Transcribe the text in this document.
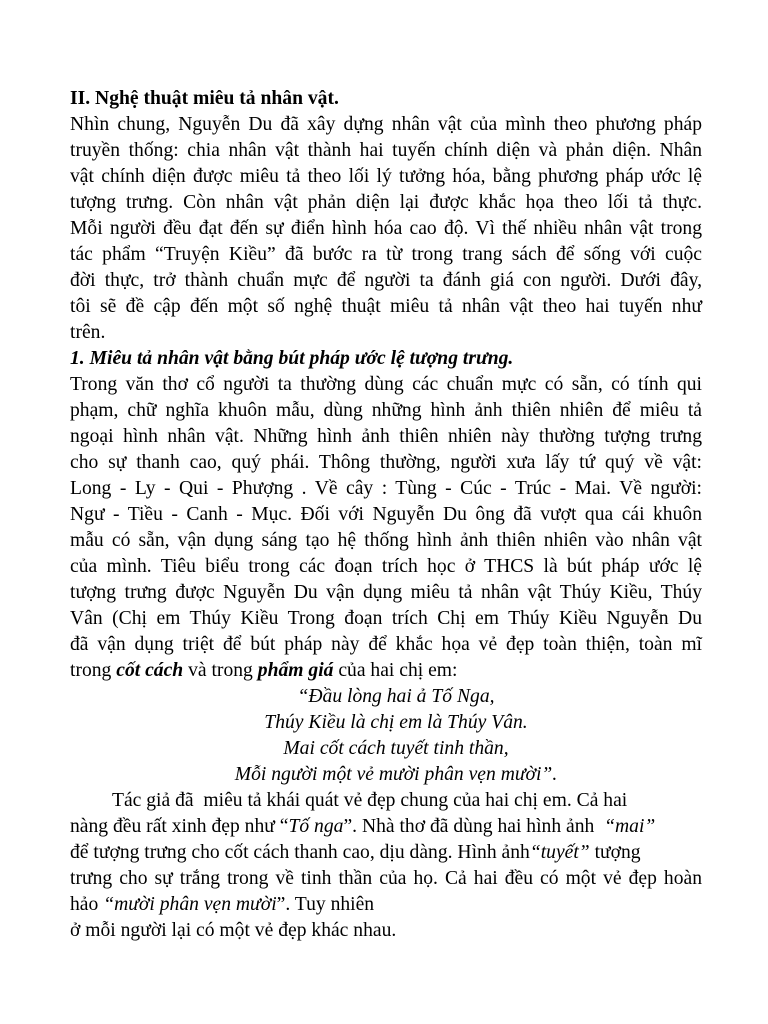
II. Nghệ thuật miêu tả nhân vật.
Nhìn chung, Nguyễn Du đã xây dựng nhân vật của mình theo phương pháp
truyền thống: chia nhân vật thành hai tuyến chính diện và phản diện. Nhân
vật chính diện được miêu tả theo lối lý tưởng hóa, bằng phương pháp ước lệ
tượng trưng. Còn nhân vật phản diện lại được khắc họa theo lối tả thực.
Mỗi người đều đạt đến sự điển hình hóa cao độ. Vì thế nhiều nhân vật trong
tác phẩm “Truyện Kiều” đã bước ra từ trong trang sách để sống với cuộc
đời thực, trở thành chuẩn mực để người ta đánh giá con người. Dưới đây,
tôi sẽ đề cập đến một số nghệ thuật miêu tả nhân vật theo hai tuyến như
trên.
1. Miêu tả nhân vật bằng bút pháp ước lệ tượng trưng.
Trong văn thơ cổ người ta thường dùng các chuẩn mực có sẵn, có tính qui
phạm, chữ nghĩa khuôn mẫu, dùng những hình ảnh thiên nhiên để miêu tả
ngoại hình nhân vật. Những hình ảnh thiên nhiên này thường tượng trưng
cho sự thanh cao, quý phái. Thông thường, người xưa lấy tứ quý về vật:
Long - Ly - Qui - Phượng . Về cây : Tùng - Cúc - Trúc - Mai. Về người:
Ngư - Tiều - Canh - Mục. Đối với Nguyễn Du ông đã vượt qua cái khuôn
mẫu có sẵn, vận dụng sáng tạo hệ thống hình ảnh thiên nhiên vào nhân vật
của mình. Tiêu biểu trong các đoạn trích học ở THCS là bút pháp ước lệ
tượng trưng được Nguyễn Du vận dụng miêu tả nhân vật Thúy Kiều, Thúy
Vân (Chị em Thúy Kiều Trong đoạn trích Chị em Thúy Kiều Nguyễn Du
đã vận dụng triệt để bút pháp này để khắc họa vẻ đẹp toàn thiện, toàn mĩ
trong cốt cách và trong phẩm giá của hai chị em:
“Đầu lòng hai ả Tố Nga,
Thúy Kiều là chị em là Thúy Vân.
Mai cốt cách tuyết tinh thần,
Mỗi người một vẻ mười phân vẹn mười”.
Tác giả đã  miêu tả khái quát vẻ đẹp chung của hai chị em. Cả hai
nàng đều rất xinh đẹp như “Tố nga”. Nhà thơ đã dùng hai hình ảnh  “mai”
để tượng trưng cho cốt cách thanh cao, dịu dàng. Hình ảnh“tuyết” tượng
trưng cho sự trắng trong về tinh thần của họ. Cả hai đều có một vẻ đẹp hoàn
hảo “mười phân vẹn mười”. Tuy nhiên
ở mỗi người lại có một vẻ đẹp khác nhau.
